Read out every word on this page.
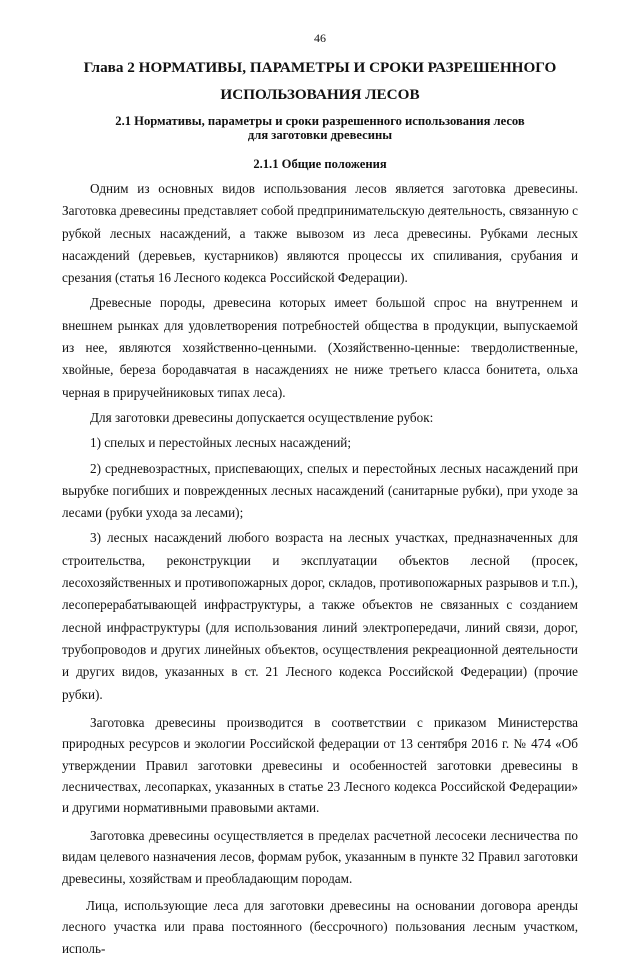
46
Глава 2 НОРМАТИВЫ, ПАРАМЕТРЫ И СРОКИ РАЗРЕШЕННОГО ИСПОЛЬЗОВАНИЯ ЛЕСОВ
2.1 Нормативы, параметры и сроки разрешенного использования лесов
для заготовки древесины
2.1.1 Общие положения

Одним из основных видов использования лесов является заготовка древесины. Заготовка древесины представляет собой предпринимательскую деятельность, связанную с рубкой лесных насаждений, а также вывозом из леса древесины. Рубками лесных насаждений (деревьев, кустарников) являются процессы их спиливания, срубания и срезания (статья 16 Лесного кодекса Российской Федерации).

Древесные породы, древесина которых имеет большой спрос на внутреннем и внешнем рынках для удовлетворения потребностей общества в продукции, выпускаемой из нее, являются хозяйственно-ценными. (Хозяйственно-ценные: твердолиственные, хвойные, береза бородавчатая в насаждениях не ниже третьего класса бонитета, ольха черная в приручейниковых типах леса).

Для заготовки древесины допускается осуществление рубок:

1) спелых и перестойных лесных насаждений;

2) средневозрастных, приспевающих, спелых и перестойных лесных насаждений при вырубке погибших и поврежденных лесных насаждений (санитарные рубки), при уходе за лесами (рубки ухода за лесами);

3) лесных насаждений любого возраста на лесных участках, предназначенных для строительства, реконструкции и эксплуатации объектов лесной (просек, лесохозяйственных и противопожарных дорог, складов, противопожарных разрывов и т.п.), лесоперерабатывающей инфраструктуры, а также объектов не связанных с созданием лесной инфраструктуры (для использования линий электропередачи, линий связи, дорог, трубопроводов и других линейных объектов, осуществления рекреационной деятельности и других видов, указанных в ст. 21 Лесного кодекса Российской Федерации) (прочие рубки).

Заготовка древесины производится в соответствии с приказом Министерства природных ресурсов и экологии Российской федерации от 13 сентября 2016 г. № 474 «Об утверждении Правил заготовки древесины и особенностей заготовки древесины в лесничествах, лесопарках, указанных в статье 23 Лесного кодекса Российской Федерации» и другими нормативными правовыми актами.

Заготовка древесины осуществляется в пределах расчетной лесосеки лесничества по видам целевого назначения лесов, формам рубок, указанным в пункте 32 Правил заготовки древесины, хозяйствам и преобладающим породам.

Лица, использующие леса для заготовки древесины на основании договора аренды лесного участка или права постоянного (бессрочного) пользования лесным участком, исполь-
